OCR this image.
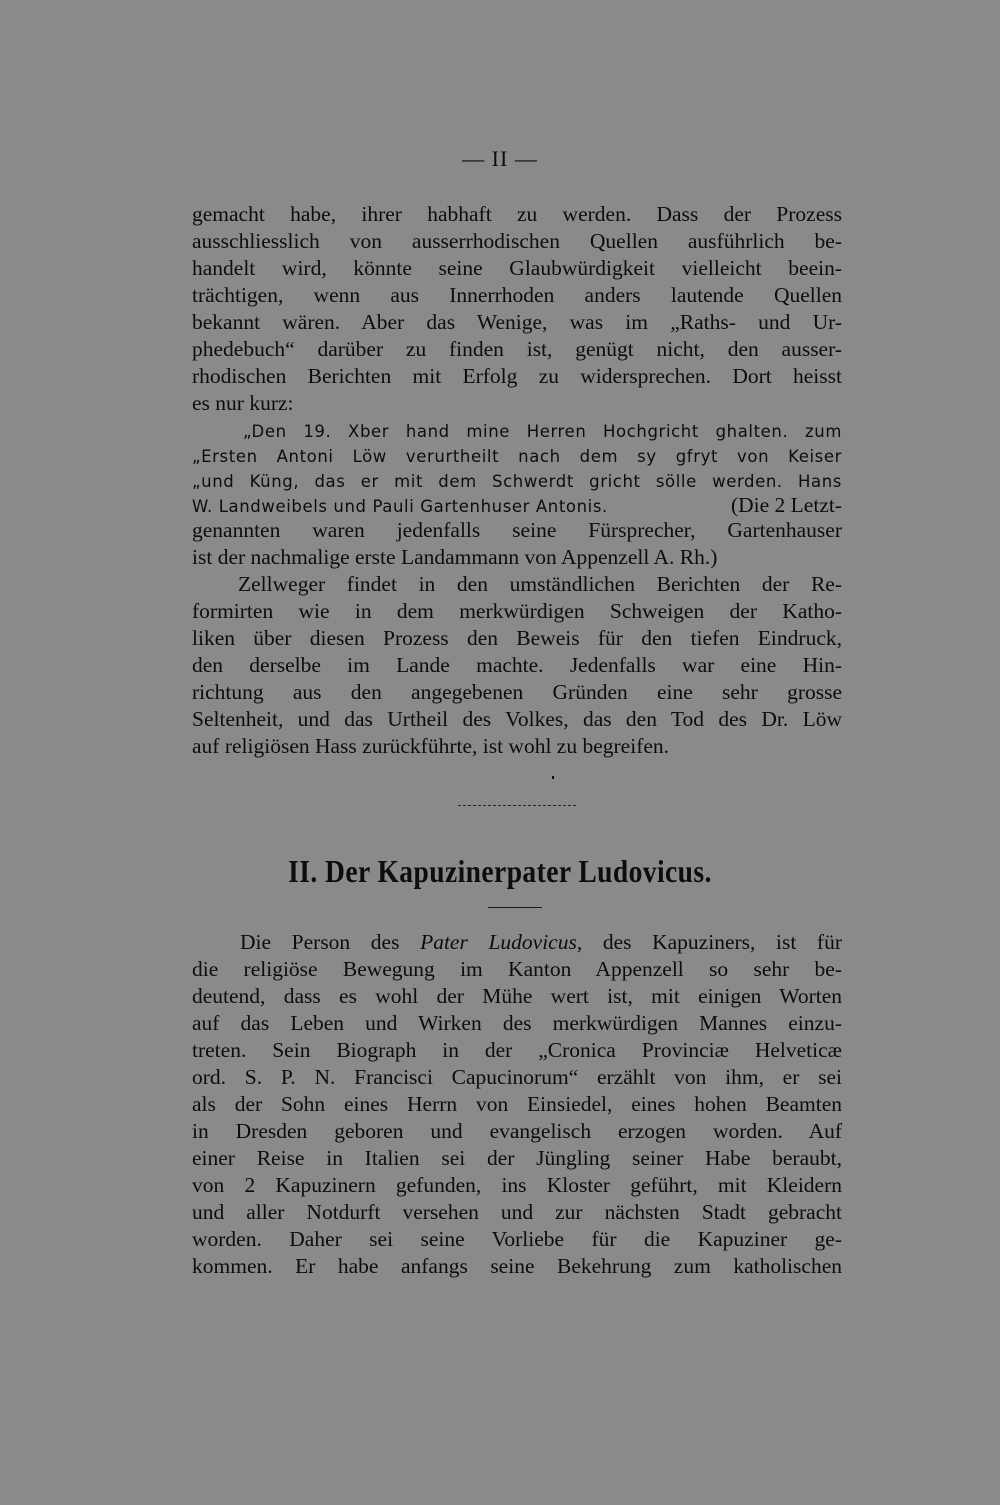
— II —
gemacht habe, ihrer habhaft zu werden. Dass der Prozess
ausschliesslich von ausserrhodischen Quellen ausführlich be-
handelt wird, könnte seine Glaubwürdigkeit vielleicht beein-
trächtigen, wenn aus Innerrhoden anders lautende Quellen
bekannt wären. Aber das Wenige, was im „Raths- und Ur-
phedebuch“ darüber zu finden ist, genügt nicht, den ausser-
rhodischen Berichten mit Erfolg zu widersprechen. Dort heisst
es nur kurz:
„Den 19. Xber hand mine Herren Hochgricht ghalten. zum
„Ersten Antoni Löw verurtheilt nach dem sy gfryt von Keiser
„und Küng, das er mit dem Schwerdt gricht sölle werden. Hans
W. Landweibels und Pauli Gartenhuser Antonis.	(Die 2 Letzt-
genannten waren jedenfalls seine Fürsprecher, Gartenhauser
ist der nachmalige erste Landammann von Appenzell A. Rh.)
Zellweger findet in den umständlichen Berichten der Re-
formirten wie in dem merkwürdigen Schweigen der Katho-
liken über diesen Prozess den Beweis für den tiefen Eindruck,
den derselbe im Lande machte. Jedenfalls war eine Hin-
richtung aus den angegebenen Gründen eine sehr grosse
Seltenheit, und das Urtheil des Volkes, das den Tod des Dr. Löw
auf religiösen Hass zurückführte, ist wohl zu begreifen.
II. Der Kapuzinerpater Ludovicus.
Die Person des Pater Ludovicus, des Kapuziners, ist für
die religiöse Bewegung im Kanton Appenzell so sehr be-
deutend, dass es wohl der Mühe wert ist, mit einigen Worten
auf das Leben und Wirken des merkwürdigen Mannes einzu-
treten. Sein Biograph in der „Cronica Provinciæ Helveticæ
ord. S. P. N. Francisci Capucinorum“ erzählt von ihm, er sei
als der Sohn eines Herrn von Einsiedel, eines hohen Beamten
in Dresden geboren und evangelisch erzogen worden. Auf
einer Reise in Italien sei der Jüngling seiner Habe beraubt,
von 2 Kapuzinern gefunden, ins Kloster geführt, mit Kleidern
und aller Notdurft versehen und zur nächsten Stadt gebracht
worden. Daher sei seine Vorliebe für die Kapuziner ge-
kommen. Er habe anfangs seine Bekehrung zum katholischen
